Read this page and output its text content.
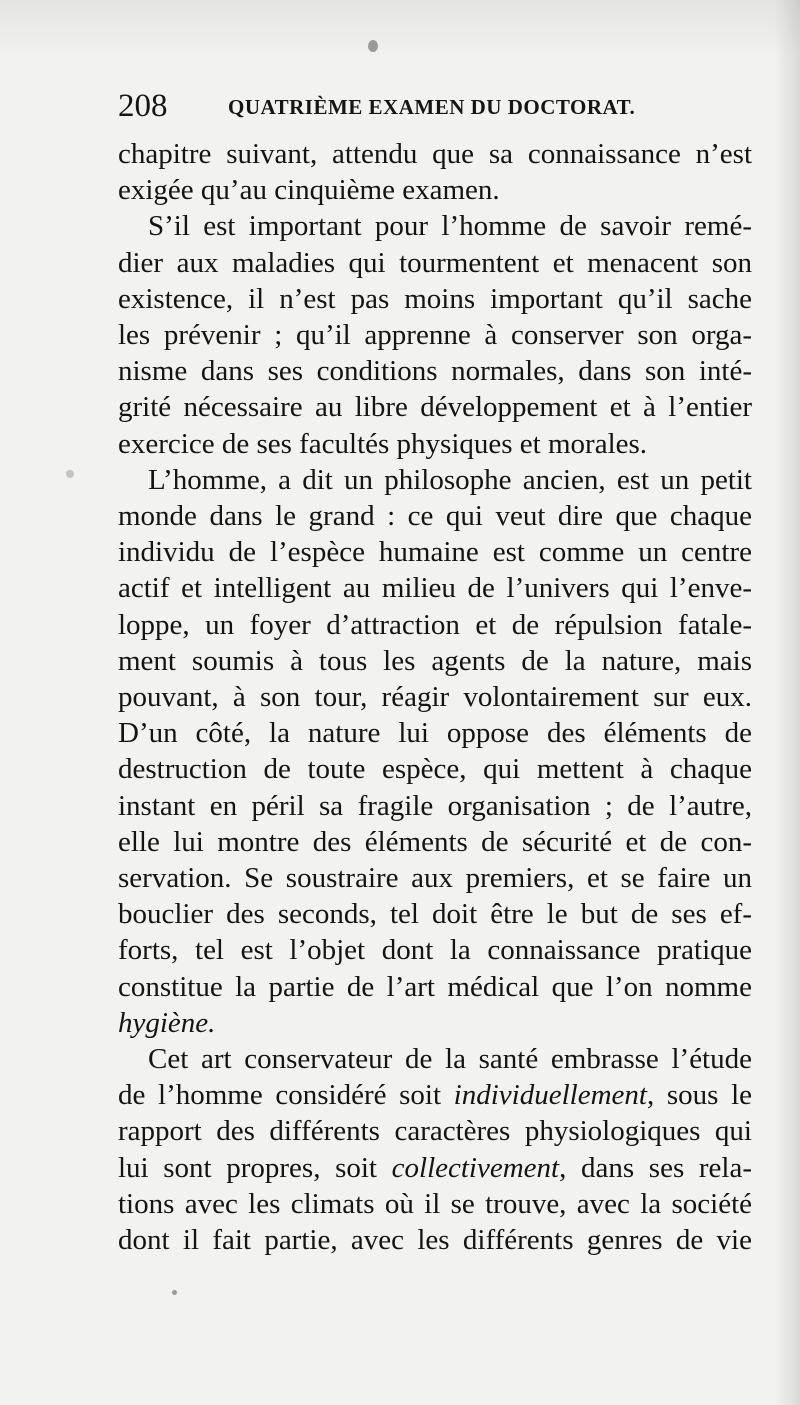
208	QUATRIÈME EXAMEN DU DOCTORAT.

chapitre suivant, attendu que sa connaissance n’est
exigée qu’au cinquième examen.

S’il est important pour l’homme de savoir remé-
dier aux maladies qui tourmentent et menacent son
existence, il n’est pas moins important qu’il sache
les prévenir ; qu’il apprenne à conserver son orga-
nisme dans ses conditions normales, dans son inté-
grité nécessaire au libre développement et à l’entier
exercice de ses facultés physiques et morales.

L’homme, a dit un philosophe ancien, est un petit
monde dans le grand : ce qui veut dire que chaque
individu de l’espèce humaine est comme un centre
actif et intelligent au milieu de l’univers qui l’enve-
loppe, un foyer d’attraction et de répulsion fatale-
ment soumis à tous les agents de la nature, mais
pouvant, à son tour, réagir volontairement sur eux.
D’un côté, la nature lui oppose des éléments de
destruction de toute espèce, qui mettent à chaque
instant en péril sa fragile organisation ; de l’autre,
elle lui montre des éléments de sécurité et de con-
servation. Se soustraire aux premiers, et se faire un
bouclier des seconds, tel doit être le but de ses ef-
forts, tel est l’objet dont la connaissance pratique
constitue la partie de l’art médical que l’on nomme
hygiène.

Cet art conservateur de la santé embrasse l’étude
de l’homme considéré soit individuellement, sous le
rapport des différents caractères physiologiques qui
lui sont propres, soit collectivement, dans ses rela-
tions avec les climats où il se trouve, avec la société
dont il fait partie, avec les différents genres de vie
